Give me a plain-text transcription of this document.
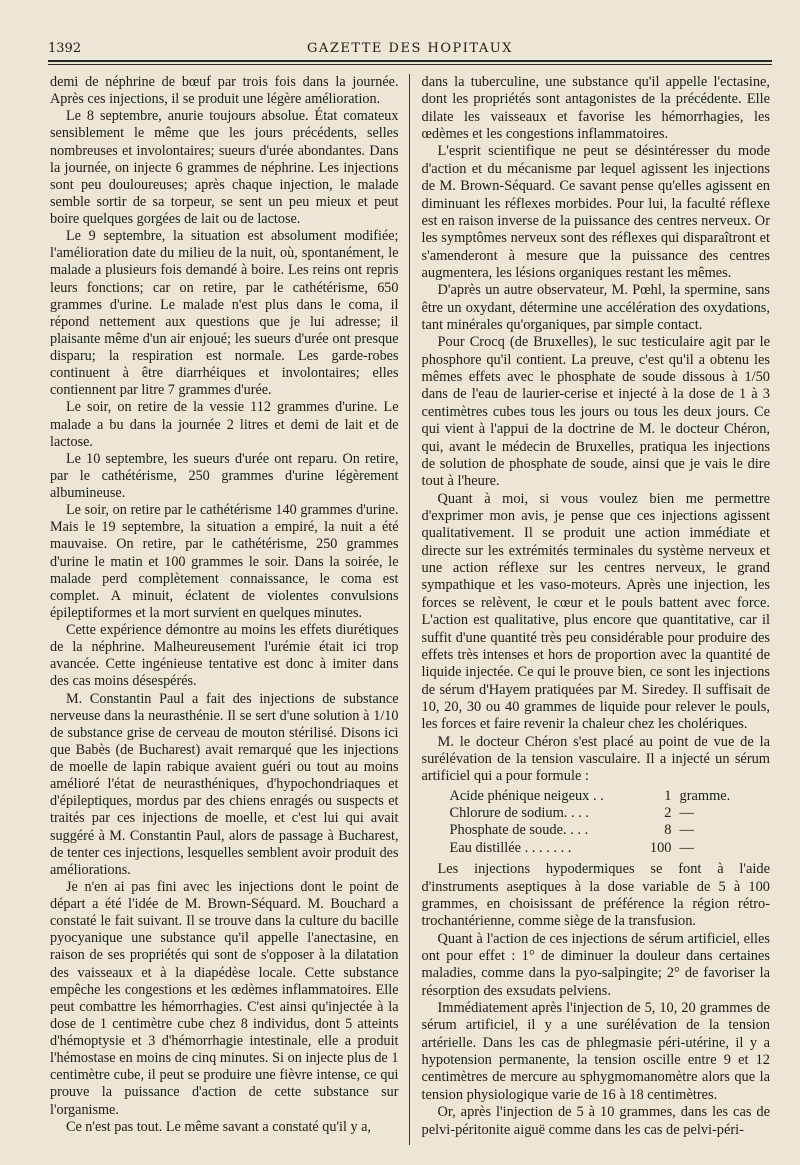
1392	GAZETTE DES HOPITAUX

demi de néphrine de bœuf par trois fois dans la journée. Après ces injections, il se produit une légère amélioration.

Le 8 septembre, anurie toujours absolue. État comateux sensiblement le même que les jours précédents, selles nombreuses et involontaires; sueurs d'urée abondantes. Dans la journée, on injecte 6 grammes de néphrine. Les injections sont peu douloureuses; après chaque injection, le malade semble sortir de sa torpeur, se sent un peu mieux et peut boire quelques gorgées de lait ou de lactose.

Le 9 septembre, la situation est absolument modifiée; l'amélioration date du milieu de la nuit, où, spontanément, le malade a plusieurs fois demandé à boire. Les reins ont repris leurs fonctions; car on retire, par le cathétérisme, 650 grammes d'urine. Le malade n'est plus dans le coma, il répond nettement aux questions que je lui adresse; il plaisante même d'un air enjoué; les sueurs d'urée ont presque disparu; la respiration est normale. Les garde-robes continuent à être diarrhéiques et involontaires; elles contiennent par litre 7 grammes d'urée.

Le soir, on retire de la vessie 112 grammes d'urine. Le malade a bu dans la journée 2 litres et demi de lait et de lactose.

Le 10 septembre, les sueurs d'urée ont reparu. On retire, par le cathétérisme, 250 grammes d'urine légèrement albumineuse.

Le soir, on retire par le cathétérisme 140 grammes d'urine. Mais le 19 septembre, la situation a empiré, la nuit a été mauvaise. On retire, par le cathétérisme, 250 grammes d'urine le matin et 100 grammes le soir. Dans la soirée, le malade perd complètement connaissance, le coma est complet. A minuit, éclatent de violentes convulsions épileptiformes et la mort survient en quelques minutes.

Cette expérience démontre au moins les effets diurétiques de la néphrine. Malheureusement l'urémie était ici trop avancée. Cette ingénieuse tentative est donc à imiter dans des cas moins désespérés.

M. Constantin Paul a fait des injections de substance nerveuse dans la neurasthénie. Il se sert d'une solution à 1/10 de substance grise de cerveau de mouton stérilisé. Disons ici que Babès (de Bucharest) avait remarqué que les injections de moelle de lapin rabique avaient guéri ou tout au moins amélioré l'état de neurasthéniques, d'hypochondriaques et d'épileptiques, mordus par des chiens enragés ou suspects et traités par ces injections de moelle, et c'est lui qui avait suggéré à M. Constantin Paul, alors de passage à Bucharest, de tenter ces injections, lesquelles semblent avoir produit des améliorations.

Je n'en ai pas fini avec les injections dont le point de départ a été l'idée de M. Brown-Séquard. M. Bouchard a constaté le fait suivant. Il se trouve dans la culture du bacille pyocyanique une substance qu'il appelle l'anectasine, en raison de ses propriétés qui sont de s'opposer à la dilatation des vaisseaux et à la diapédèse locale. Cette substance empêche les congestions et les œdèmes inflammatoires. Elle peut combattre les hémorrhagies. C'est ainsi qu'injectée à la dose de 1 centimètre cube chez 8 individus, dont 5 atteints d'hémoptysie et 3 d'hémorrhagie intestinale, elle a produit l'hémostase en moins de cinq minutes. Si on injecte plus de 1 centimètre cube, il peut se produire une fièvre intense, ce qui prouve la puissance d'action de cette substance sur l'organisme.

Ce n'est pas tout. Le même savant a constaté qu'il y a,

dans la tuberculine, une substance qu'il appelle l'ectasine, dont les propriétés sont antagonistes de la précédente. Elle dilate les vaisseaux et favorise les hémorrhagies, les œdèmes et les congestions inflammatoires.

L'esprit scientifique ne peut se désintéresser du mode d'action et du mécanisme par lequel agissent les injections de M. Brown-Séquard. Ce savant pense qu'elles agissent en diminuant les réflexes morbides. Pour lui, la faculté réflexe est en raison inverse de la puissance des centres nerveux. Or les symptômes nerveux sont des réflexes qui disparaîtront et s'amenderont à mesure que la puissance des centres augmentera, les lésions organiques restant les mêmes.

D'après un autre observateur, M. Pœhl, la spermine, sans être un oxydant, détermine une accélération des oxydations, tant minérales qu'organiques, par simple contact.

Pour Crocq (de Bruxelles), le suc testiculaire agit par le phosphore qu'il contient. La preuve, c'est qu'il a obtenu les mêmes effets avec le phosphate de soude dissous à 1/50 dans de l'eau de laurier-cerise et injecté à la dose de 1 à 3 centimètres cubes tous les jours ou tous les deux jours. Ce qui vient à l'appui de la doctrine de M. le docteur Chéron, qui, avant le médecin de Bruxelles, pratiqua les injections de solution de phosphate de soude, ainsi que je vais le dire tout à l'heure.

Quant à moi, si vous voulez bien me permettre d'exprimer mon avis, je pense que ces injections agissent qualitativement. Il se produit une action immédiate et directe sur les extrémités terminales du système nerveux et une action réflexe sur les centres nerveux, le grand sympathique et les vaso-moteurs. Après une injection, les forces se relèvent, le cœur et le pouls battent avec force. L'action est qualitative, plus encore que quantitative, car il suffit d'une quantité très peu considérable pour produire des effets très intenses et hors de proportion avec la quantité de liquide injectée. Ce qui le prouve bien, ce sont les injections de sérum d'Hayem pratiquées par M. Siredey. Il suffisait de 10, 20, 30 ou 40 grammes de liquide pour relever le pouls, les forces et faire revenir la chaleur chez les cholériques.

M. le docteur Chéron s'est placé au point de vue de la surélévation de la tension vasculaire. Il a injecté un sérum artificiel qui a pour formule :

Acide phénique neigeux . .	1	gramme.
Chlorure de sodium. . . .	2	—
Phosphate de soude. . . .	8	—
Eau distillée . . . . . . .	100	—

Les injections hypodermiques se font à l'aide d'instruments aseptiques à la dose variable de 5 à 100 grammes, en choisissant de préférence la région rétro-trochantérienne, comme siège de la transfusion.

Quant à l'action de ces injections de sérum artificiel, elles ont pour effet : 1° de diminuer la douleur dans certaines maladies, comme dans la pyo-salpingite; 2° de favoriser la résorption des exsudats pelviens.

Immédiatement après l'injection de 5, 10, 20 grammes de sérum artificiel, il y a une surélévation de la tension artérielle. Dans les cas de phlegmasie péri-utérine, il y a hypotension permanente, la tension oscille entre 9 et 12 centimètres de mercure au sphygmomanomètre alors que la tension physiologique varie de 16 à 18 centimètres.

Or, après l'injection de 5 à 10 grammes, dans les cas de pelvi-péritonite aiguë comme dans les cas de pelvi-péri-
